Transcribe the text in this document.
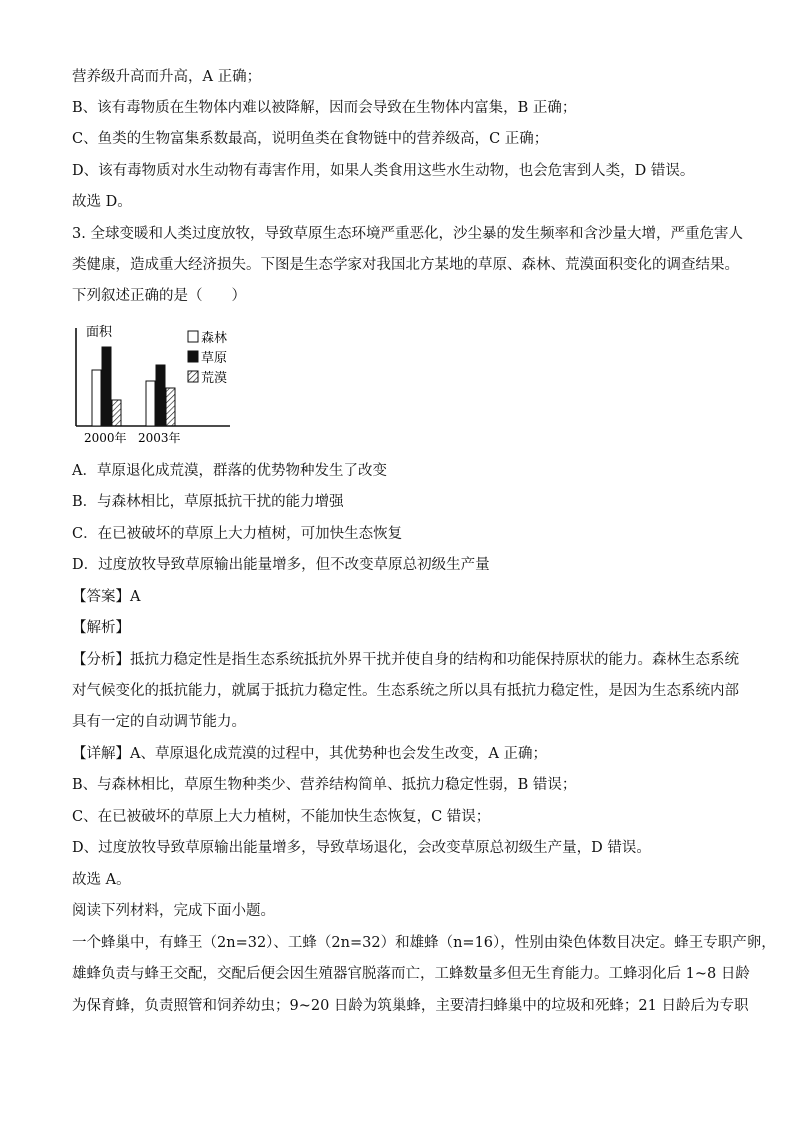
营养级升高而升高，A 正确；
B、该有毒物质在生物体内难以被降解，因而会导致在生物体内富集，B 正确；
C、鱼类的生物富集系数最高，说明鱼类在食物链中的营养级高，C 正确；
D、该有毒物质对水生动物有毒害作用，如果人类食用这些水生动物，也会危害到人类，D 错误。
故选 D。
3. 全球变暖和人类过度放牧，导致草原生态环境严重恶化，沙尘暴的发生频率和含沙量大增，严重危害人
类健康，造成重大经济损失。下图是生态学家对我国北方某地的草原、森林、荒漠面积变化的调查结果。
下列叙述正确的是（　　）
面积
2000年 2003年
森林
草原
荒漠
A．草原退化成荒漠，群落的优势物种发生了改变
B．与森林相比，草原抵抗干扰的能力增强
C．在已被破坏的草原上大力植树，可加快生态恢复
D．过度放牧导致草原输出能量增多，但不改变草原总初级生产量
【答案】A
【解析】
【分析】抵抗力稳定性是指生态系统抵抗外界干扰并使自身的结构和功能保持原状的能力。森林生态系统
对气候变化的抵抗能力，就属于抵抗力稳定性。生态系统之所以具有抵抗力稳定性，是因为生态系统内部
具有一定的自动调节能力。
【详解】A、草原退化成荒漠的过程中，其优势种也会发生改变，A 正确；
B、与森林相比，草原生物种类少、营养结构简单、抵抗力稳定性弱，B 错误；
C、在已被破坏的草原上大力植树，不能加快生态恢复，C 错误；
D、过度放牧导致草原输出能量增多，导致草场退化，会改变草原总初级生产量，D 错误。
故选 A。
阅读下列材料，完成下面小题。
一个蜂巢中，有蜂王（2n=32）、工蜂（2n=32）和雄蜂（n=16），性别由染色体数目决定。蜂王专职产卵，
雄蜂负责与蜂王交配，交配后便会因生殖器官脱落而亡，工蜂数量多但无生育能力。工蜂羽化后 1~8 日龄
为保育蜂，负责照管和饲养幼虫；9~20 日龄为筑巢蜂，主要清扫蜂巢中的垃圾和死蜂；21 日龄后为专职
